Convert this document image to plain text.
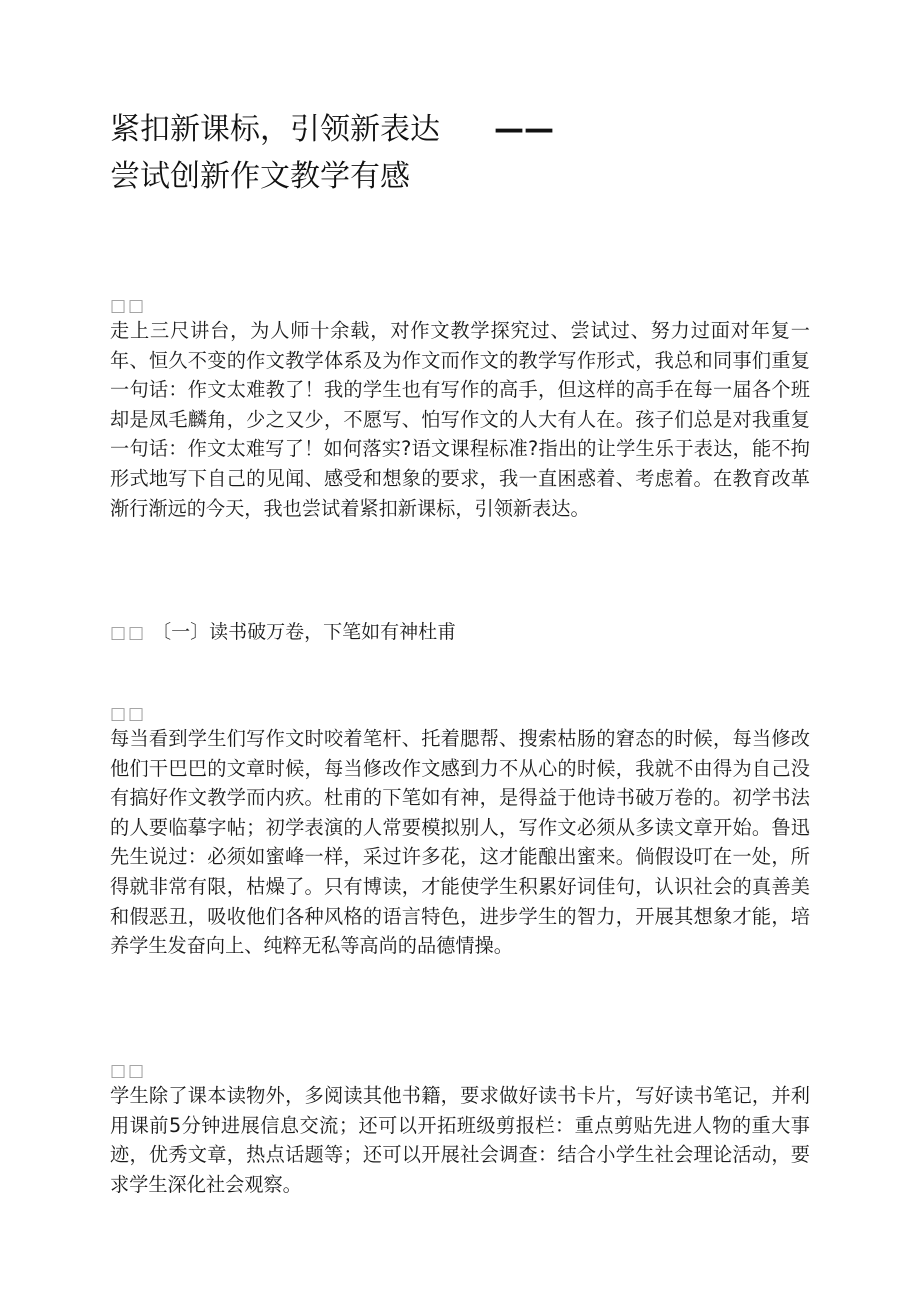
紧扣新课标，引领新表达 ——
尝试创新作文教学有感
□□
走上三尺讲台，为人师十余载，对作文教学探究过、尝试过、努力过面对年复一年、恒久不变的作文教学体系及为作文而作文的教学写作形式，我总和同事们重复一句话：作文太难教了！我的学生也有写作的高手，但这样的高手在每一届各个班却是凤毛麟角，少之又少，不愿写、怕写作文的人大有人在。孩子们总是对我重复一句话：作文太难写了！如何落实?语文课程标准?指出的让学生乐于表达，能不拘形式地写下自己的见闻、感受和想象的要求，我一直困惑着、考虑着。在教育改革渐行渐远的今天，我也尝试着紧扣新课标，引领新表达。
□□ 〔一〕读书破万卷，下笔如有神杜甫
□□
每当看到学生们写作文时咬着笔杆、托着腮帮、搜索枯肠的窘态的时候，每当修改他们干巴巴的文章时候，每当修改作文感到力不从心的时候，我就不由得为自己没有搞好作文教学而内疚。杜甫的下笔如有神，是得益于他诗书破万卷的。初学书法的人要临摹字帖；初学表演的人常要模拟别人，写作文必须从多读文章开始。鲁迅先生说过：必须如蜜峰一样，采过许多花，这才能酿出蜜来。倘假设叮在一处，所得就非常有限，枯燥了。只有博读，才能使学生积累好词佳句，认识社会的真善美和假恶丑，吸收他们各种风格的语言特色，进步学生的智力，开展其想象才能，培养学生发奋向上、纯粹无私等高尚的品德情操。
□□
学生除了课本读物外，多阅读其他书籍，要求做好读书卡片，写好读书笔记，并利用课前5分钟进展信息交流；还可以开拓班级剪报栏：重点剪贴先进人物的重大事迹，优秀文章，热点话题等；还可以开展社会调查：结合小学生社会理论活动，要求学生深化社会观察。
